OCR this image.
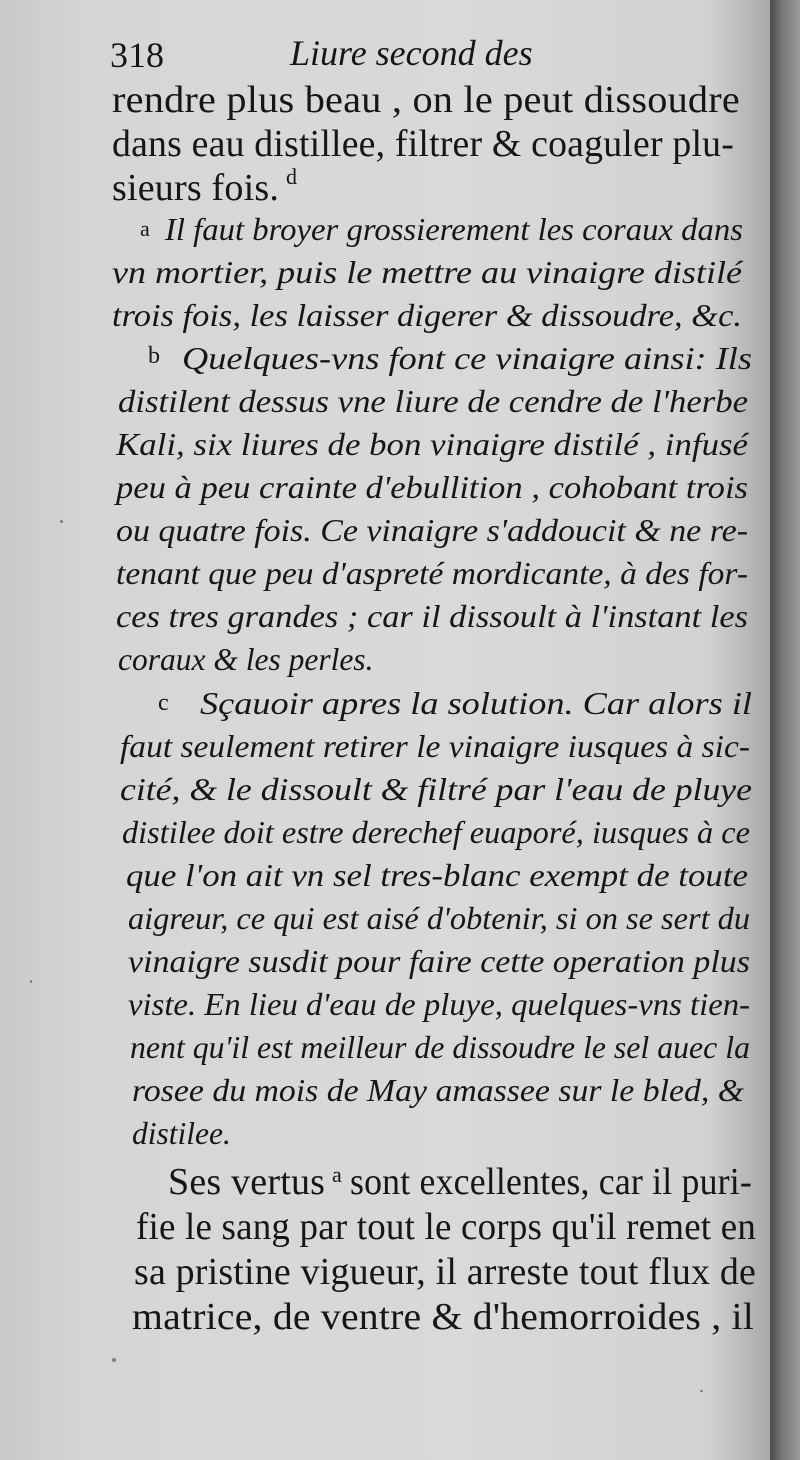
318	Liure second des
rendre plus beau , on le peut dissoudre
dans eau distillee, filtrer & coaguler plu-
sieurs fois. d
a Il faut broyer grossierement les coraux dans
vn mortier, puis le mettre au vinaigre distilé
trois fois, les laisser digerer & dissoudre, &c.
b Quelques-vns font ce vinaigre ainsi: Ils
distilent dessus vne liure de cendre de l'herbe
Kali, six liures de bon vinaigre distilé , infusé
peu à peu crainte d'ebullition , cohobant trois
ou quatre fois. Ce vinaigre s'addoucit & ne re-
tenant que peu d'aspreté mordicante, à des for-
ces tres grandes ; car il dissoult à l'instant les
coraux & les perles.
c Sçauoir apres la solution. Car alors il
faut seulement retirer le vinaigre iusques à sic-
cité, & le dissoult & filtré par l'eau de pluye
distilee doit estre derechef euaporé, iusques à ce
que l'on ait vn sel tres-blanc exempt de toute
aigreur, ce qui est aisé d'obtenir, si on se sert du
vinaigre susdit pour faire cette operation plus
viste. En lieu d'eau de pluye, quelques-vns tien-
nent qu'il est meilleur de dissoudre le sel auec la
rosee du mois de May amassee sur le bled, &
distilee.
Ses vertus a sont excellentes, car il puri-
fie le sang par tout le corps qu'il remet en
sa pristine vigueur, il arreste tout flux de
matrice, de ventre & d'hemorroides , il
